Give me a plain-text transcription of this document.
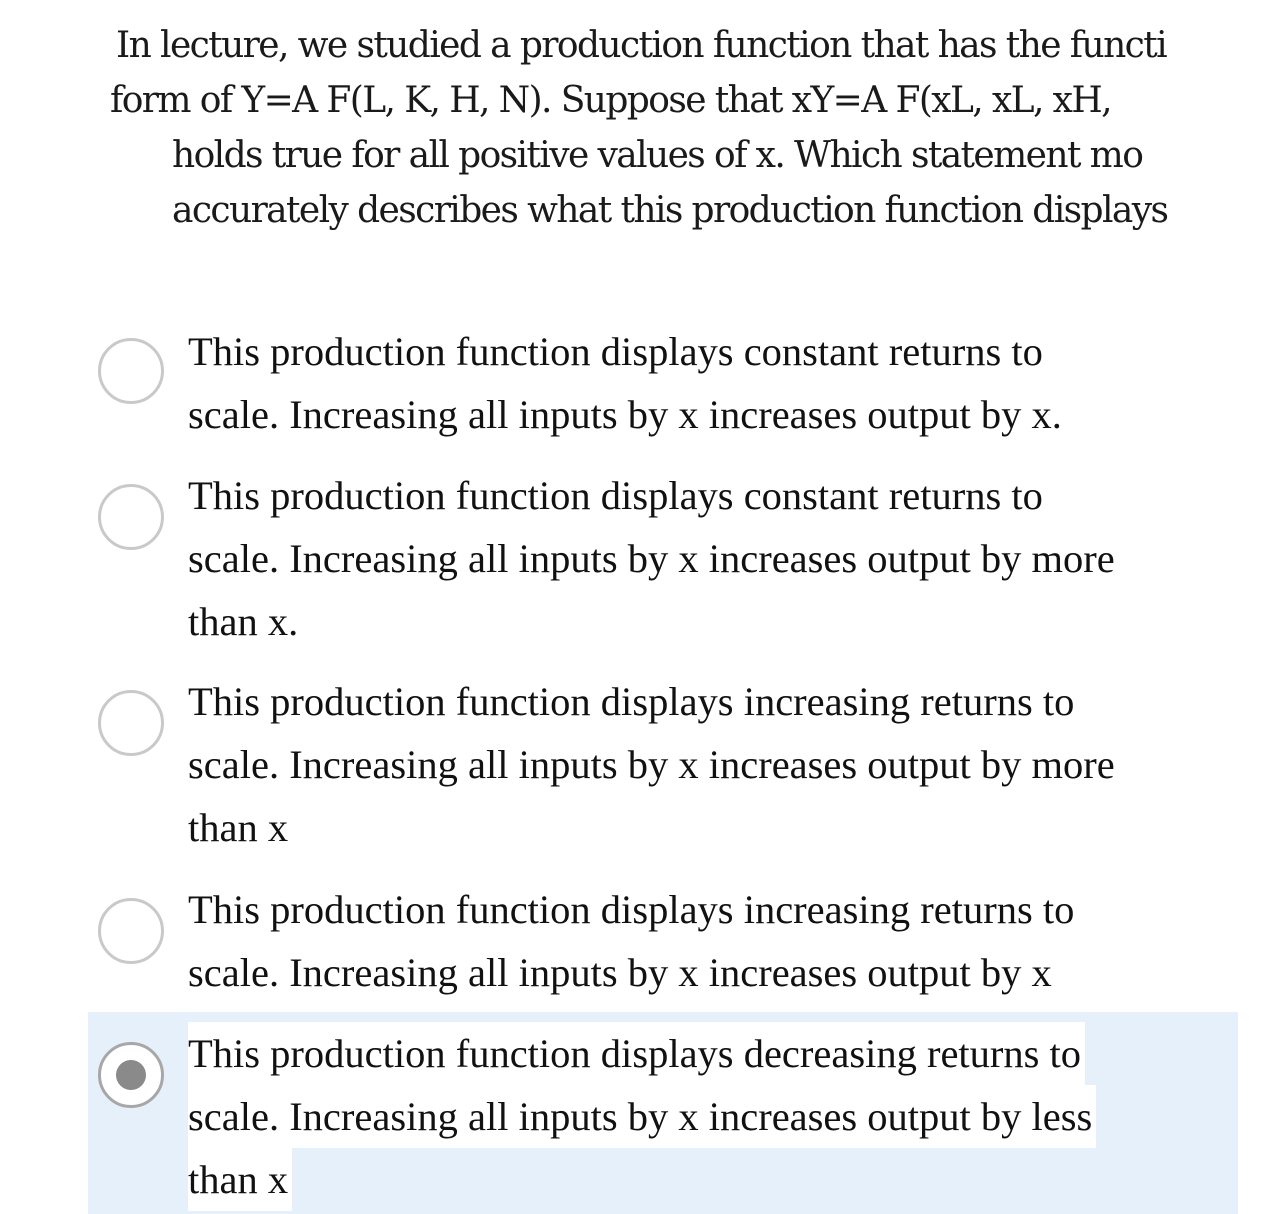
In lecture, we studied a production function that has the functi
form of Y=A F(L, K, H, N). Suppose that xY=A F(xL, xL, xH,
holds true for all positive values of x. Which statement mo
accurately describes what this production function displays
This production function displays constant returns to
scale. Increasing all inputs by x increases output by x.
This production function displays constant returns to
scale. Increasing all inputs by x increases output by more
than x.
This production function displays increasing returns to
scale. Increasing all inputs by x increases output by more
than x
This production function displays increasing returns to
scale. Increasing all inputs by x increases output by x
This production function displays decreasing returns to
scale. Increasing all inputs by x increases output by less
than x
